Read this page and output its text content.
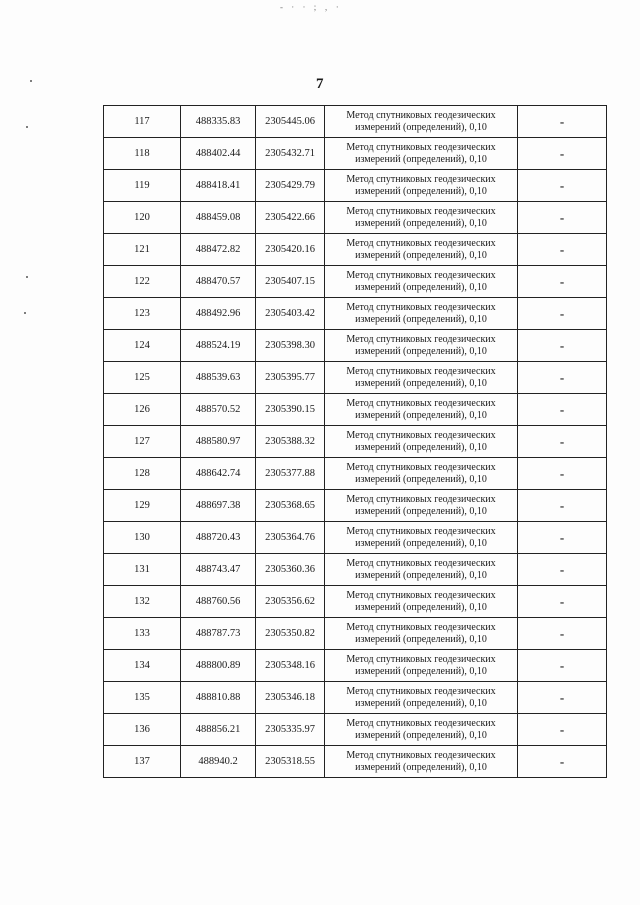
‑ · · ; ‚ ·
7
117	488335.83	2305445.06	Метод спутниковых геодезических
измерений (определений), 0,10	-
118	488402.44	2305432.71	Метод спутниковых геодезических
измерений (определений), 0,10	-
119	488418.41	2305429.79	Метод спутниковых геодезических
измерений (определений), 0,10	-
120	488459.08	2305422.66	Метод спутниковых геодезических
измерений (определений), 0,10	-
121	488472.82	2305420.16	Метод спутниковых геодезических
измерений (определений), 0,10	-
122	488470.57	2305407.15	Метод спутниковых геодезических
измерений (определений), 0,10	-
123	488492.96	2305403.42	Метод спутниковых геодезических
измерений (определений), 0,10	-
124	488524.19	2305398.30	Метод спутниковых геодезических
измерений (определений), 0,10	-
125	488539.63	2305395.77	Метод спутниковых геодезических
измерений (определений), 0,10	-
126	488570.52	2305390.15	Метод спутниковых геодезических
измерений (определений), 0,10	-
127	488580.97	2305388.32	Метод спутниковых геодезических
измерений (определений), 0,10	-
128	488642.74	2305377.88	Метод спутниковых геодезических
измерений (определений), 0,10	-
129	488697.38	2305368.65	Метод спутниковых геодезических
измерений (определений), 0,10	-
130	488720.43	2305364.76	Метод спутниковых геодезических
измерений (определений), 0,10	-
131	488743.47	2305360.36	Метод спутниковых геодезических
измерений (определений), 0,10	-
132	488760.56	2305356.62	Метод спутниковых геодезических
измерений (определений), 0,10	-
133	488787.73	2305350.82	Метод спутниковых геодезических
измерений (определений), 0,10	-
134	488800.89	2305348.16	Метод спутниковых геодезических
измерений (определений), 0,10	-
135	488810.88	2305346.18	Метод спутниковых геодезических
измерений (определений), 0,10	-
136	488856.21	2305335.97	Метод спутниковых геодезических
измерений (определений), 0,10	-
137	488940.2	2305318.55	Метод спутниковых геодезических
измерений (определений), 0,10	-
